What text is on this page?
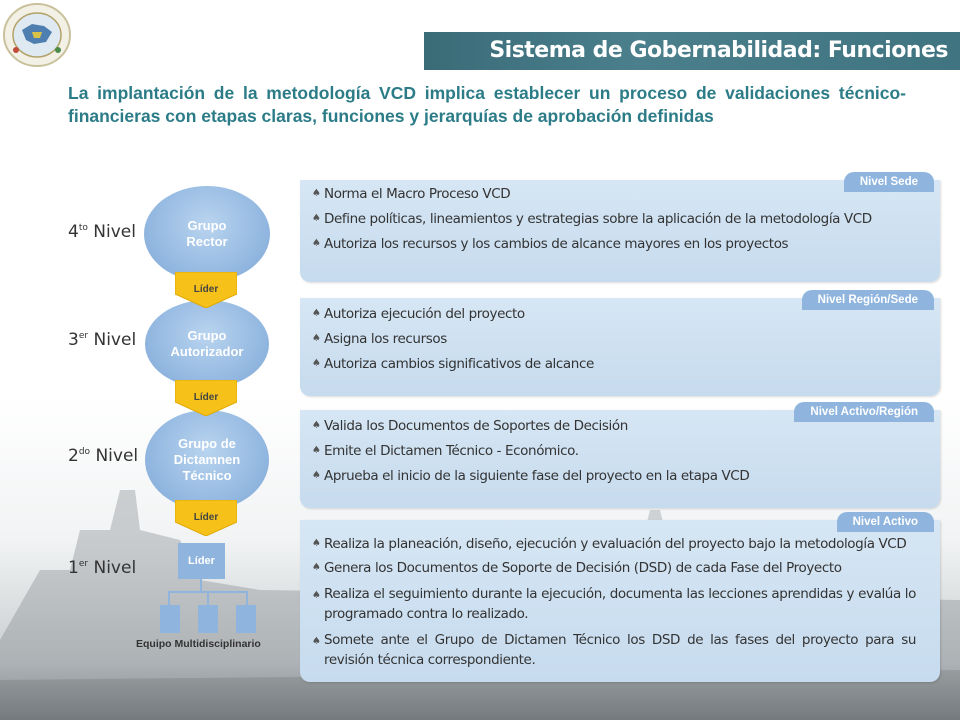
Sistema de Gobernabilidad: Funciones
La implantación de la metodología VCD implica establecer un proceso de validaciones técnico-financieras con etapas claras, funciones y jerarquías de aprobación definidas
$4^{to}$ Nivel
3er Nivel
$2^{do}$ Nivel
1er Nivel
Grupo
Rector
Grupo
Autorizador
Grupo de
Dictamnen
Técnico
Líder
Líder
Líder
Líder
Equipo Multidisciplinario
Nivel Sede
♠ Norma el Macro Proceso VCD
♠ Define políticas, lineamientos y estrategias sobre la aplicación de la metodología VCD
♠ Autoriza los recursos y los cambios de alcance mayores en los proyectos
Nivel Región/Sede
♠ Autoriza ejecución del proyecto
♠ Asigna los recursos
♠ Autoriza cambios significativos de alcance
Nivel Activo/Región
♠ Valida los Documentos de Soportes de Decisión
♠ Emite el Dictamen Técnico - Económico.
♠ Aprueba el inicio de la siguiente fase del proyecto en la etapa VCD
Nivel Activo
♠ Realiza la planeación, diseño, ejecución y evaluación del proyecto bajo la metodología VCD
♠ Genera los Documentos de Soporte de Decisión (DSD) de cada Fase del Proyecto
♠ Realiza el seguimiento durante la ejecución, documenta las lecciones aprendidas y evalúa lo programado contra lo realizado.
♠ Somete ante el Grupo de Dictamen Técnico los DSD de las fases del proyecto para su revisión técnica correspondiente.
